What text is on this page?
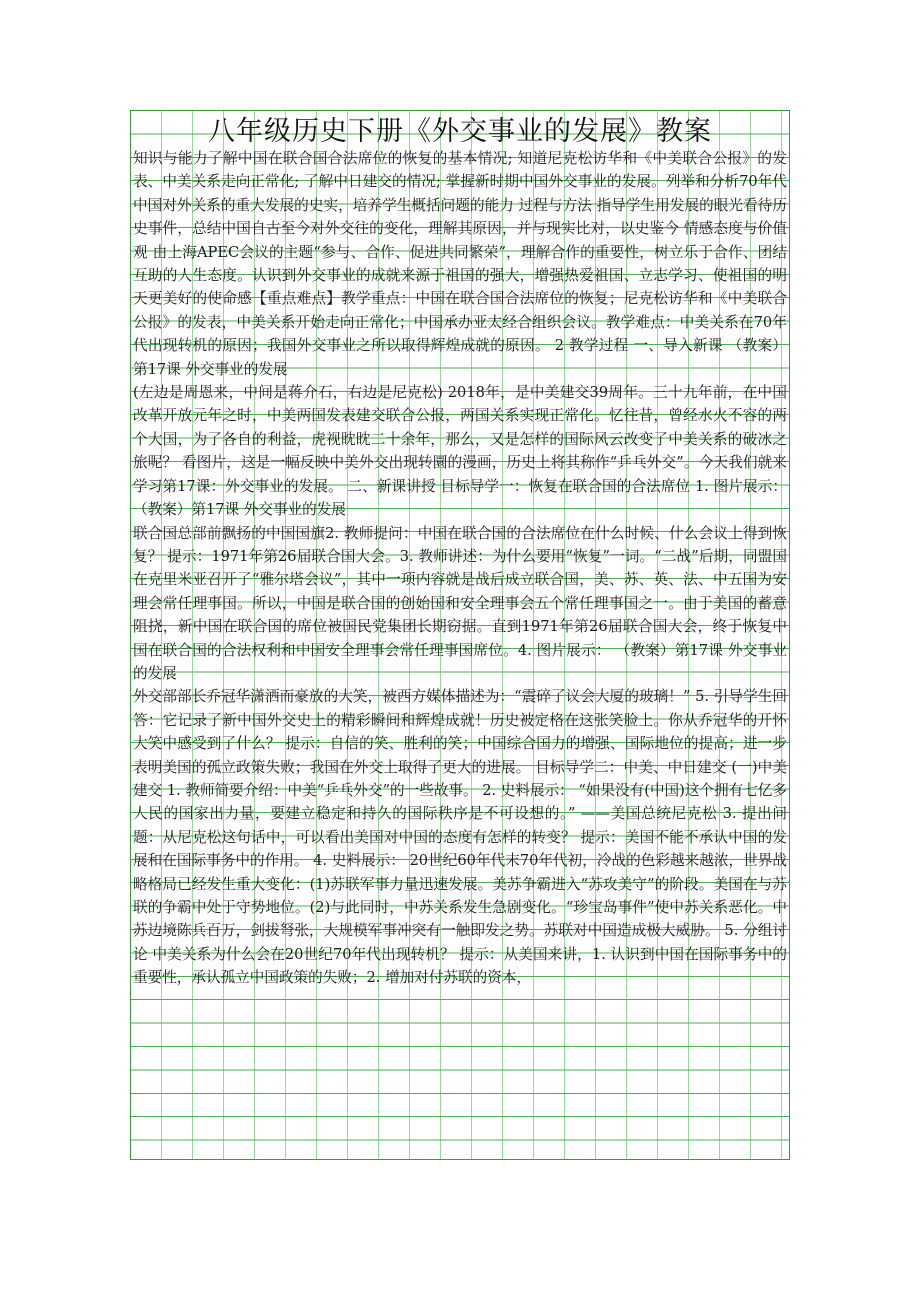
八年级历史下册《外交事业的发展》教案

知识与能力了解中国在联合国合法席位的恢复的基本情况; 知道尼克松访华和《中美联合公报》的发表、中美关系走向正常化; 了解中日建交的情况; 掌握新时期中国外交事业的发展。列举和分析70年代中国对外关系的重大发展的史实，培养学生概括问题的能力 过程与方法 指导学生用发展的眼光看待历史事件，总结中国自古至今对外交往的变化，理解其原因，并与现实比对，以史鉴今 情感态度与价值观 由上海APEC会议的主题“参与、合作、促进共同繁荣”，理解合作的重要性，树立乐于合作、团结互助的人生态度。认识到外交事业的成就来源于祖国的强大，增强热爱祖国、立志学习、使祖国的明天更美好的使命感【重点难点】教学重点：中国在联合国合法席位的恢复；尼克松访华和《中美联合公报》的发表，中美关系开始走向正常化；中国承办亚太经合组织会议。教学难点：中美关系在70年代出现转机的原因；我国外交事业之所以取得辉煌成就的原因。 2 教学过程 一、导入新课 （教案）第17课 外交事业的发展

(左边是周恩来，中间是蒋介石，右边是尼克松) 2018年，是中美建交39周年。三十九年前，在中国改革开放元年之时，中美两国发表建交联合公报，两国关系实现正常化。忆往昔，曾经水火不容的两个大国，为了各自的利益，虎视眈眈二十余年，那么，又是怎样的国际风云改变了中美关系的破冰之旅呢？ 看图片，这是一幅反映中美外交出现转圜的漫画，历史上将其称作“乒乓外交”。今天我们就来学习第17课：外交事业的发展。 二、新课讲授 目标导学一：恢复在联合国的合法席位 1. 图片展示： （教案）第17课 外交事业的发展

联合国总部前飘扬的中国国旗2. 教师提问：中国在联合国的合法席位在什么时候、什么会议上得到恢复？ 提示：1971年第26届联合国大会。3. 教师讲述：为什么要用“恢复”一词。“二战”后期，同盟国在克里米亚召开了“雅尔塔会议”，其中一项内容就是战后成立联合国，美、苏、英、法、中五国为安理会常任理事国。所以，中国是联合国的创始国和安全理事会五个常任理事国之一。由于美国的蓄意阻挠，新中国在联合国的席位被国民党集团长期窃据。直到1971年第26届联合国大会，终于恢复中国在联合国的合法权利和中国安全理事会常任理事国席位。4. 图片展示： （教案）第17课 外交事业的发展

外交部部长乔冠华潇洒而豪放的大笑，被西方媒体描述为：“震碎了议会大厦的玻璃！” 5. 引导学生回答：它记录了新中国外交史上的精彩瞬间和辉煌成就！历史被定格在这张笑脸上。你从乔冠华的开怀大笑中感受到了什么？ 提示：自信的笑、胜利的笑；中国综合国力的增强、国际地位的提高；进一步表明美国的孤立政策失败；我国在外交上取得了更大的进展。 目标导学二：中美、中日建交 (一)中美建交 1. 教师简要介绍：中美“乒乓外交”的一些故事。 2. 史料展示： “如果没有(中国)这个拥有七亿多人民的国家出力量，要建立稳定和持久的国际秩序是不可设想的。” ——美国总统尼克松 3. 提出问题：从尼克松这句话中，可以看出美国对中国的态度有怎样的转变？ 提示：美国不能不承认中国的发展和在国际事务中的作用。 4. 史料展示： 20世纪60年代末70年代初，冷战的色彩越来越浓，世界战略格局已经发生重大变化：(1)苏联军事力量迅速发展。美苏争霸进入“苏攻美守”的阶段。美国在与苏联的争霸中处于守势地位。(2)与此同时，中苏关系发生急剧变化。“珍宝岛事件”使中苏关系恶化。中苏边境陈兵百万，剑拔弩张，大规模军事冲突有一触即发之势。苏联对中国造成极大威胁。 5. 分组讨论 中美关系为什么会在20世纪70年代出现转机？ 提示：从美国来讲，1. 认识到中国在国际事务中的重要性，承认孤立中国政策的失败；2. 增加对付苏联的资本，
